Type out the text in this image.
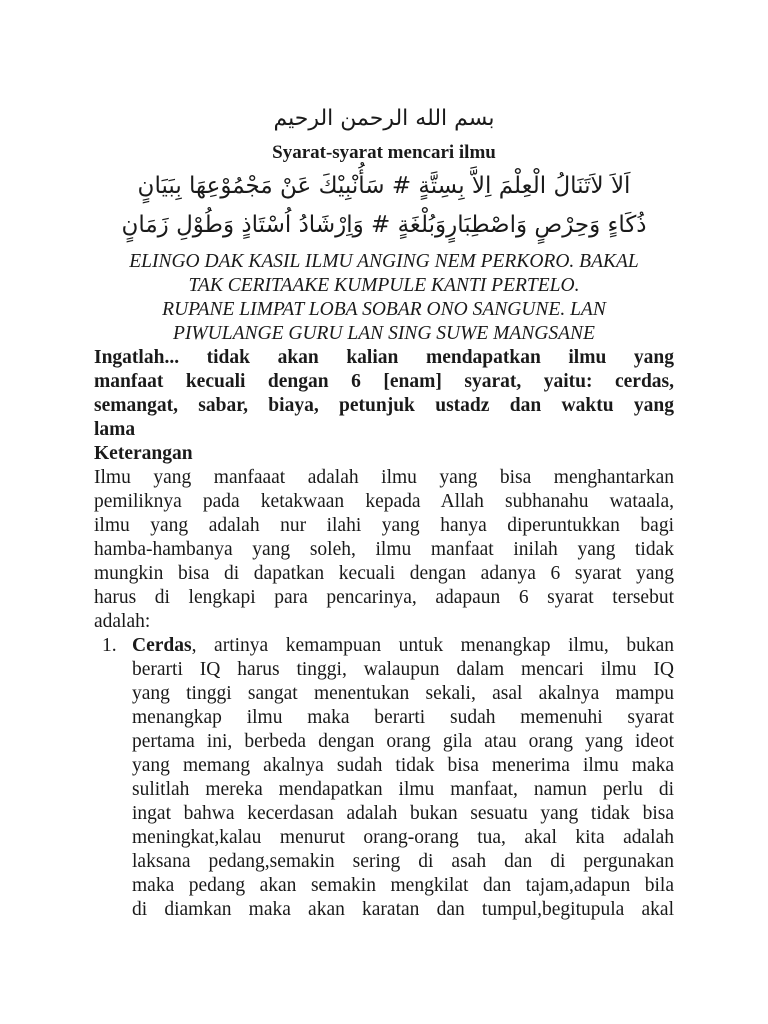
بسم الله الرحمن الرحيم
Syarat-syarat mencari ilmu
اَلاَ لاَتَنَالُ الْعِلْمَ اِلاَّ بِسِتَّةٍ # سَأُنْبِيْكَ عَنْ مَجْمُوْعِهَا بِبَيَانٍ
ذُكَاءٍ وَحِرْصٍ وَاصْطِبَارٍوَبُلْغَةٍ # وَاِرْشَادُ اُسْتَاذٍ وَطُوْلِ زَمَانٍ
ELINGO DAK KASIL ILMU ANGING NEM PERKORO. BAKAL
TAK CERITAAKE KUMPULE KANTI PERTELO.
RUPANE LIMPAT LOBA SOBAR ONO SANGUNE. LAN
PIWULANGE GURU LAN SING SUWE MANGSANE
Ingatlah... tidak akan kalian mendapatkan ilmu yang
manfaat kecuali dengan 6 [enam] syarat, yaitu: cerdas,
semangat, sabar, biaya, petunjuk ustadz dan waktu yang
lama
Keterangan
Ilmu yang manfaaat adalah ilmu yang bisa menghantarkan
pemiliknya pada ketakwaan kepada Allah subhanahu wataala,
ilmu yang adalah nur ilahi yang hanya diperuntukkan bagi
hamba-hambanya yang soleh, ilmu manfaat inilah yang tidak
mungkin bisa di dapatkan kecuali dengan adanya 6 syarat yang
harus di lengkapi para pencarinya, adapaun 6 syarat tersebut
adalah:
1. Cerdas, artinya kemampuan untuk menangkap ilmu, bukan
berarti IQ harus tinggi, walaupun dalam mencari ilmu IQ
yang tinggi sangat menentukan sekali, asal akalnya mampu
menangkap ilmu maka berarti sudah memenuhi syarat
pertama ini, berbeda dengan orang gila atau orang yang ideot
yang memang akalnya sudah tidak bisa menerima ilmu maka
sulitlah mereka mendapatkan ilmu manfaat, namun perlu di
ingat bahwa kecerdasan adalah bukan sesuatu yang tidak bisa
meningkat,kalau menurut orang-orang tua, akal kita adalah
laksana pedang,semakin sering di asah dan di pergunakan
maka pedang akan semakin mengkilat dan tajam,adapun bila
di diamkan maka akan karatan dan tumpul,begitupula akal
